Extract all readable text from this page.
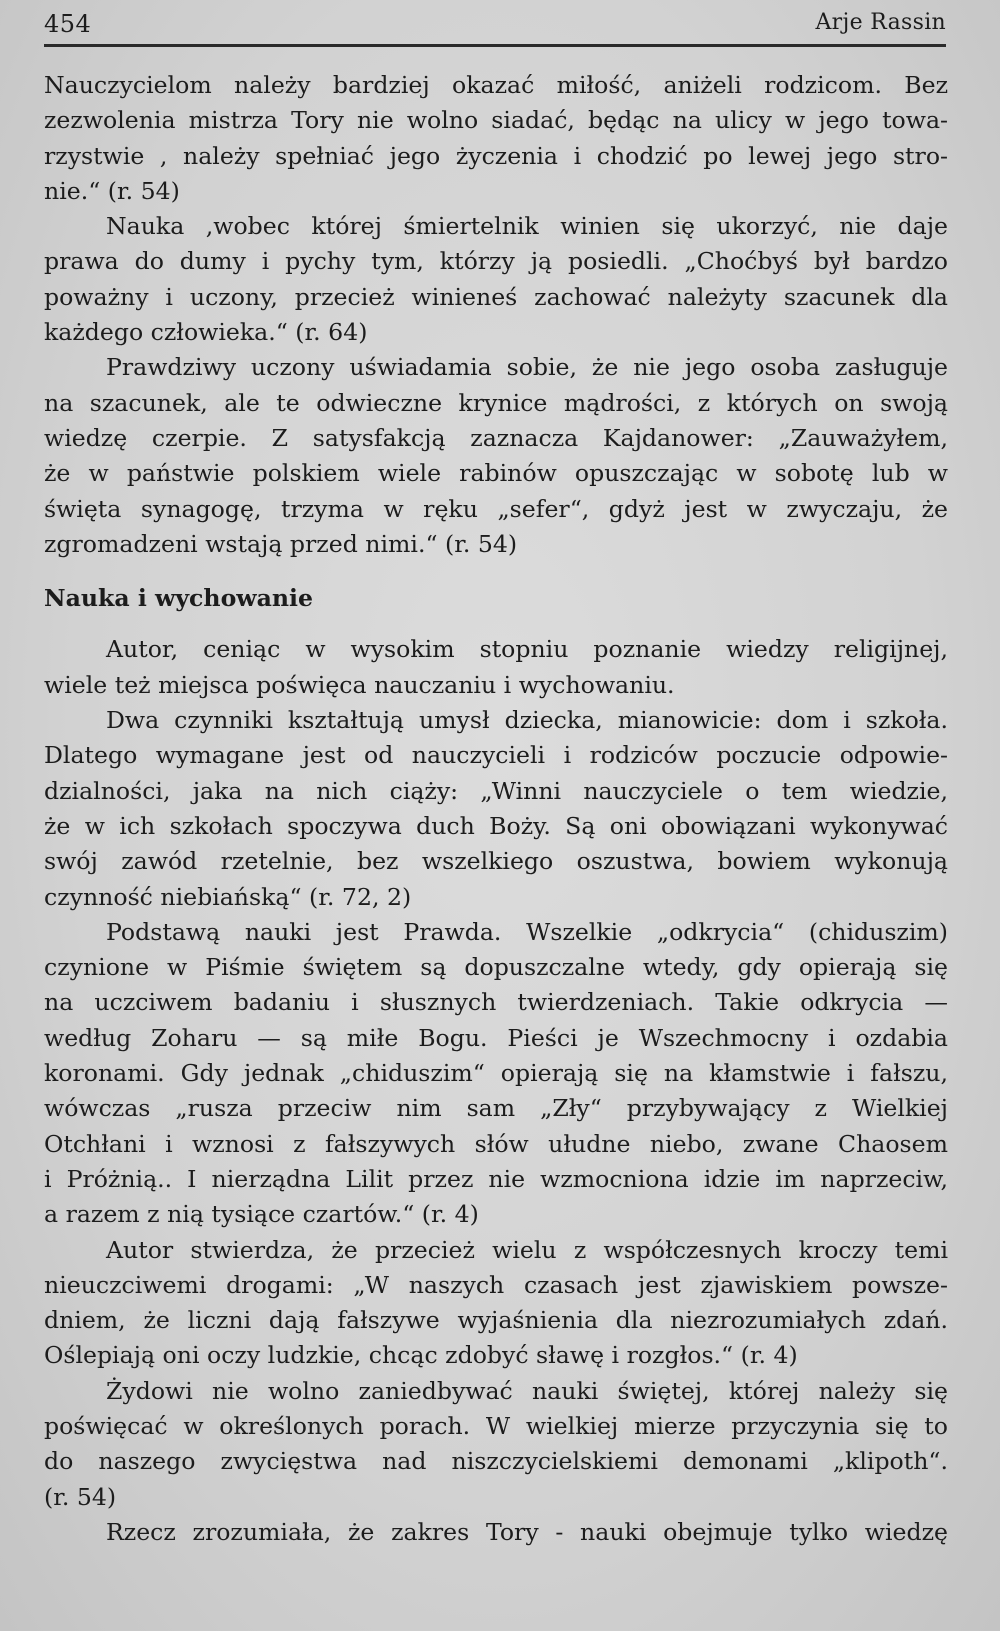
454	Arje Rassin

Nauczycielom należy bardziej okazać miłość, aniżeli rodzicom. Bez
zezwolenia mistrza Tory nie wolno siadać, będąc na ulicy w jego towa-
rzystwie , należy spełniać jego życzenia i chodzić po lewej jego stro-
nie.“ (r. 54)

Nauka ,wobec której śmiertelnik winien się ukorzyć, nie daje
prawa do dumy i pychy tym, którzy ją posiedli. „Choćbyś był bardzo
poważny i uczony, przecież winieneś zachować należyty szacunek dla
każdego człowieka.“ (r. 64)

Prawdziwy uczony uświadamia sobie, że nie jego osoba zasługuje
na szacunek, ale te odwieczne krynice mądrości, z których on swoją
wiedzę czerpie. Z satysfakcją zaznacza Kajdanower: „Zauważyłem,
że w państwie polskiem wiele rabinów opuszczając w sobotę lub w
święta synagogę, trzyma w ręku „sefer“, gdyż jest w zwyczaju, że
zgromadzeni wstają przed nimi.“ (r. 54)

Nauka i wychowanie

Autor, ceniąc w wysokim stopniu poznanie wiedzy religijnej,
wiele też miejsca poświęca nauczaniu i wychowaniu.

Dwa czynniki kształtują umysł dziecka, mianowicie: dom i szkoła.
Dlatego wymagane jest od nauczycieli i rodziców poczucie odpowie-
dzialności, jaka na nich ciąży: „Winni nauczyciele o tem wiedzie,
że w ich szkołach spoczywa duch Boży. Są oni obowiązani wykonywać
swój zawód rzetelnie, bez wszelkiego oszustwa, bowiem wykonują
czynność niebiańską“ (r. 72, 2)

Podstawą nauki jest Prawda. Wszelkie „odkrycia“ (chiduszim)
czynione w Piśmie świętem są dopuszczalne wtedy, gdy opierają się
na uczciwem badaniu i słusznych twierdzeniach. Takie odkrycia —
według Zoharu — są miłe Bogu. Pieści je Wszechmocny i ozdabia
koronami. Gdy jednak „chiduszim“ opierają się na kłamstwie i fałszu,
wówczas „rusza przeciw nim sam „Zły“ przybywający z Wielkiej
Otchłani i wznosi z fałszywych słów ułudne niebo, zwane Chaosem
i Próżnią.. I nierządna Lilit przez nie wzmocniona idzie im naprzeciw,
a razem z nią tysiące czartów.“ (r. 4)

Autor stwierdza, że przecież wielu z współczesnych kroczy temi
nieuczciwemi drogami: „W naszych czasach jest zjawiskiem powsze-
dniem, że liczni dają fałszywe wyjaśnienia dla niezrozumiałych zdań.
Oślepiają oni oczy ludzkie, chcąc zdobyć sławę i rozgłos.“ (r. 4)

Żydowi nie wolno zaniedbywać nauki świętej, której należy się
poświęcać w określonych porach. W wielkiej mierze przyczynia się to
do naszego zwycięstwa nad niszczycielskiemi demonami „klipoth“.
(r. 54)

Rzecz zrozumiała, że zakres Tory - nauki obejmuje tylko wiedzę
